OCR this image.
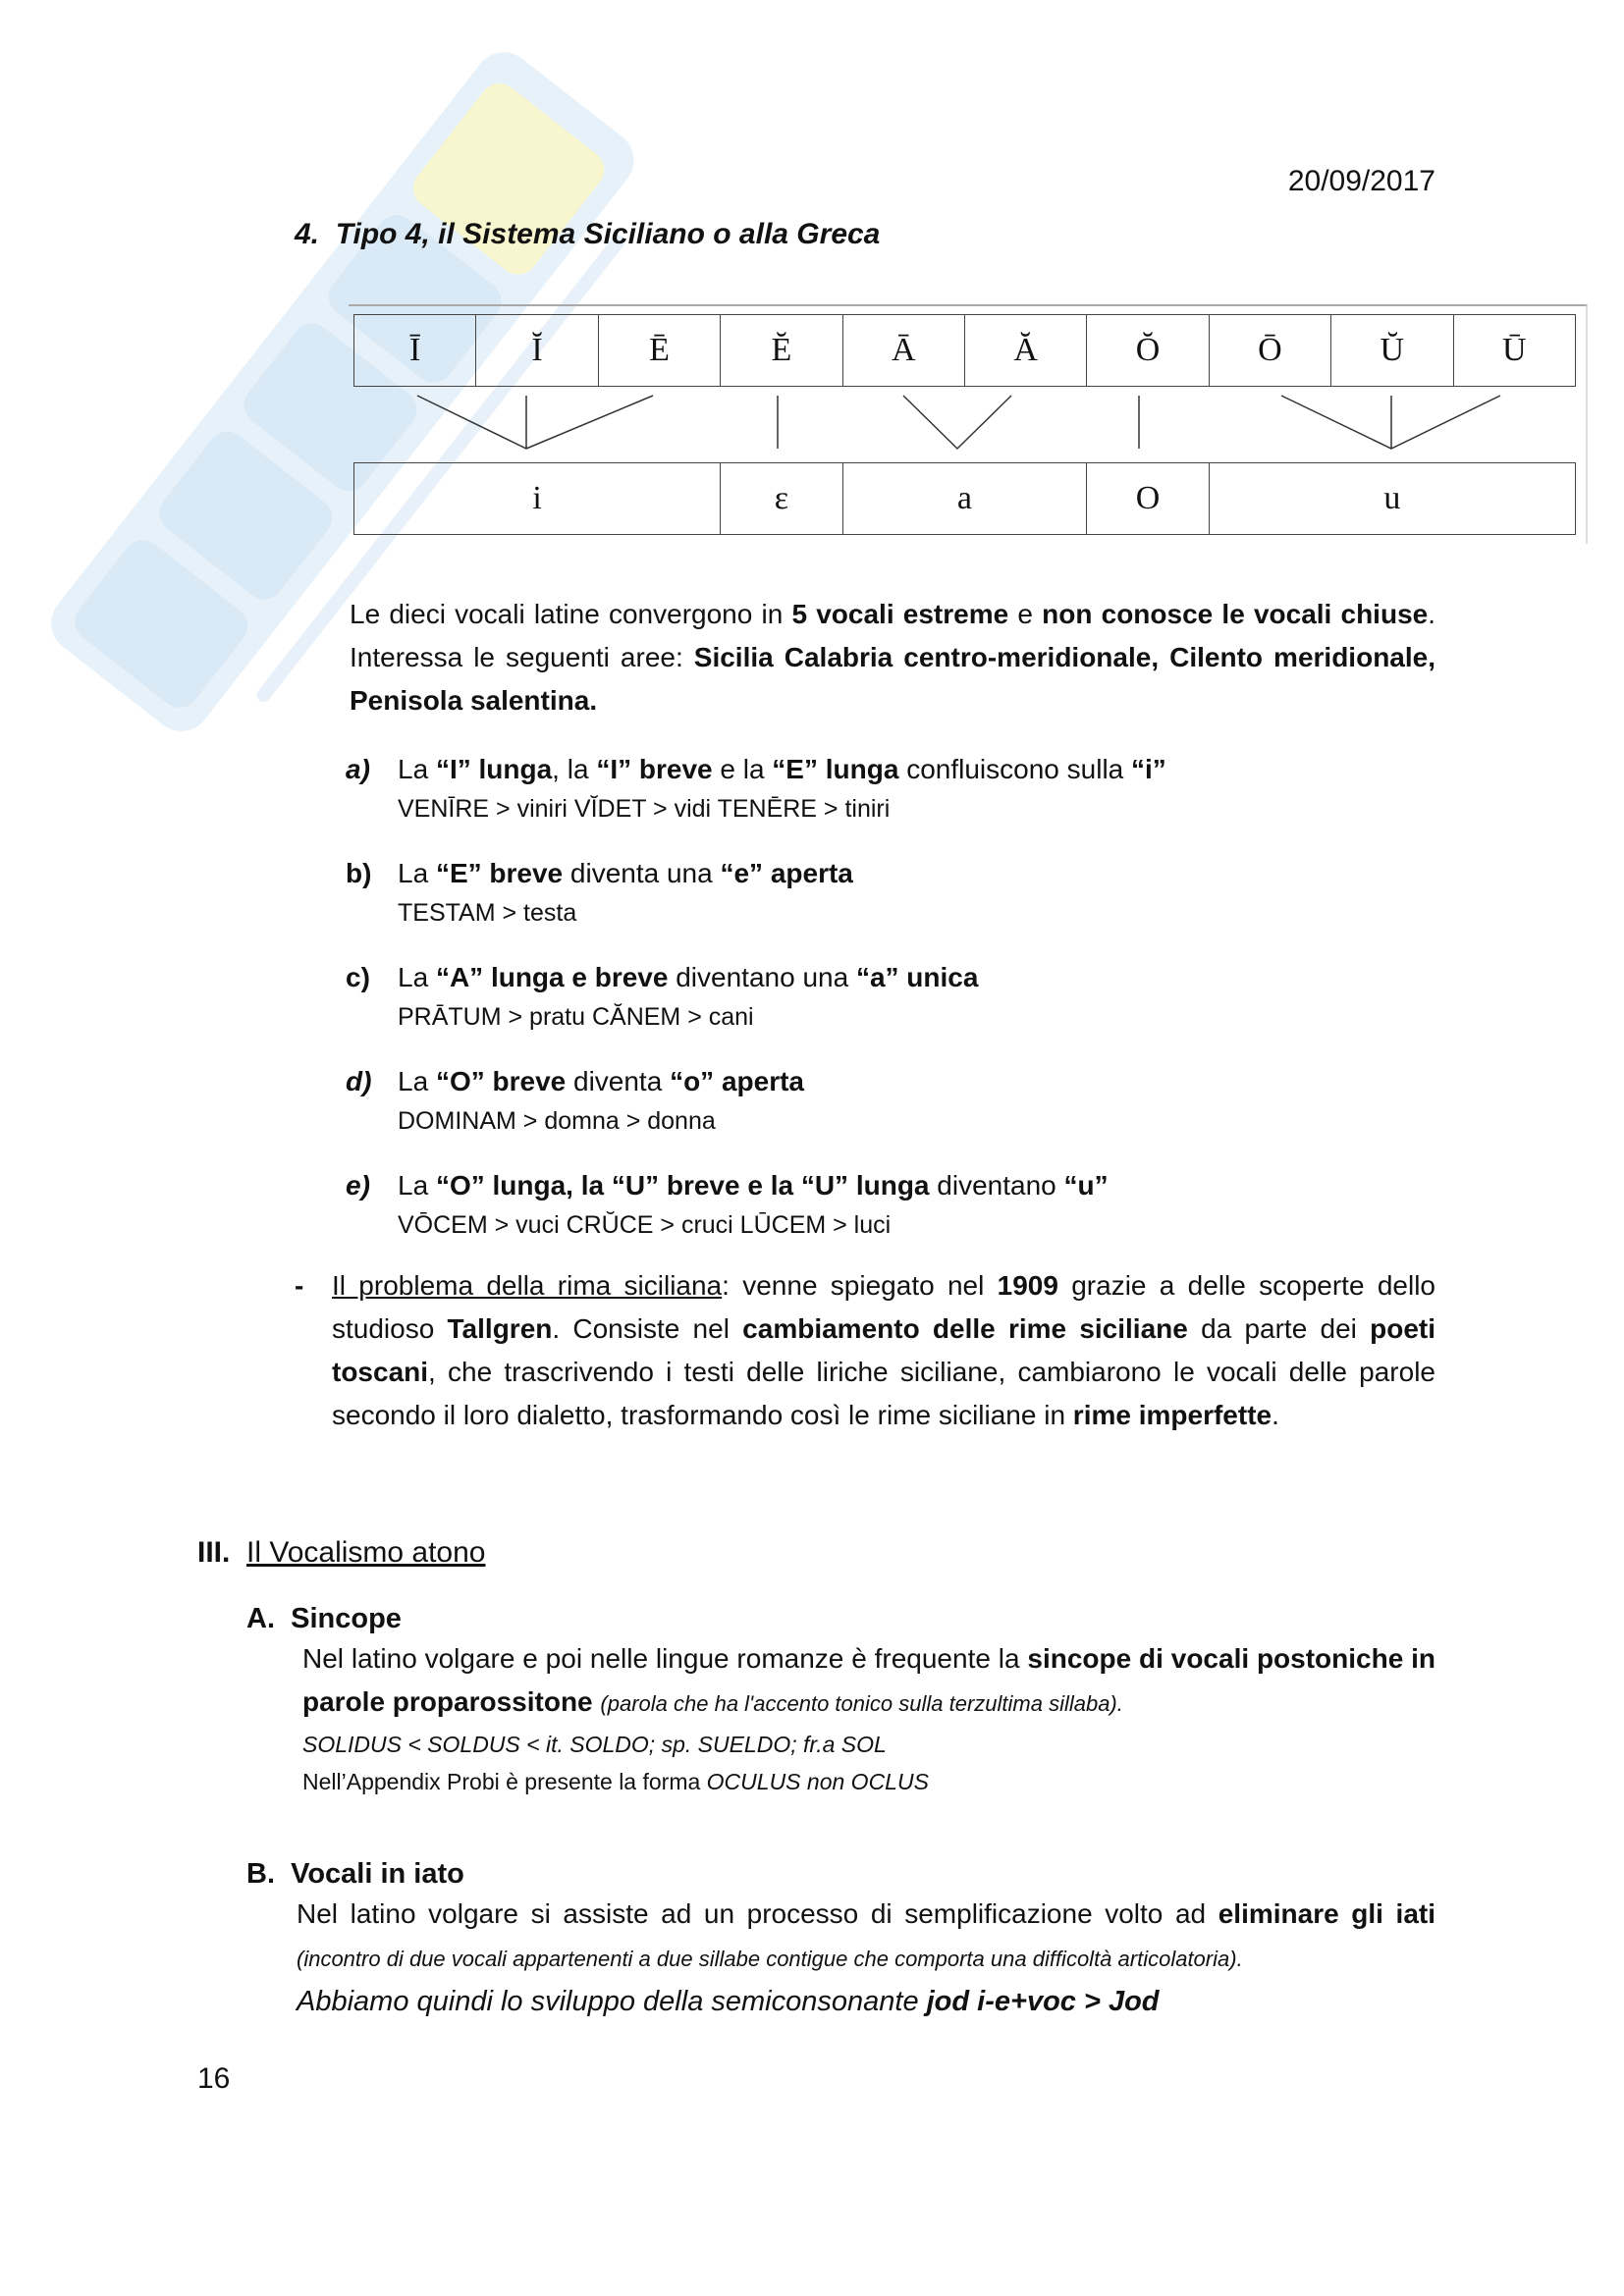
20/09/2017
4. Tipo 4, il Sistema Siciliano o alla Greca
Ī	Ĭ	Ē	Ĕ	Ā	Ă	Ŏ	Ō	Ŭ	Ū
i	ε	a	O	u
Le dieci vocali latine convergono in 5 vocali estreme e non conosce le vocali chiuse. Interessa le seguenti aree: Sicilia Calabria centro-meridionale, Cilento meridionale, Penisola salentina.
a)	La “I” lunga, la “I” breve e la “E” lunga confluiscono sulla “i”
VENĪRE > viniri VĬDET > vidi TENĒRE > tiniri
b) La “E” breve diventa una “e” aperta
TESTAM > testa
c)	La “A” lunga e breve diventano una “a” unica
PRĀTUM > pratu CĂNEM > cani
d) La “O” breve diventa “o” aperta
DOMINAM > domna > donna
e)	La “O” lunga, la “U” breve e la “U” lunga diventano “u”
VŌCEM > vuci CRŬCE > cruci LŪCEM > luci
-	Il problema della rima siciliana: venne spiegato nel 1909 grazie a delle scoperte dello studioso Tallgren. Consiste nel cambiamento delle rime siciliane da parte dei poeti toscani, che trascrivendo i testi delle liriche siciliane, cambiarono le vocali delle parole secondo il loro dialetto, trasformando così le rime siciliane in rime imperfette.
III. Il Vocalismo atono
A. Sincope
Nel latino volgare e poi nelle lingue romanze è frequente la sincope di vocali postoniche in parole proparossitone (parola che ha l'accento tonico sulla terzultima sillaba).
SOLIDUS < SOLDUS < it. SOLDO; sp. SUELDO; fr.a SOL
Nell’Appendix Probi è presente la forma OCULUS non OCLUS
B. Vocali in iato
Nel latino volgare si assiste ad un processo di semplificazione volto ad eliminare gli iati (incontro di due vocali appartenenti a due sillabe contigue che comporta una difficoltà articolatoria).
Abbiamo quindi lo sviluppo della semiconsonante jod i-e+voc > Jod
16
